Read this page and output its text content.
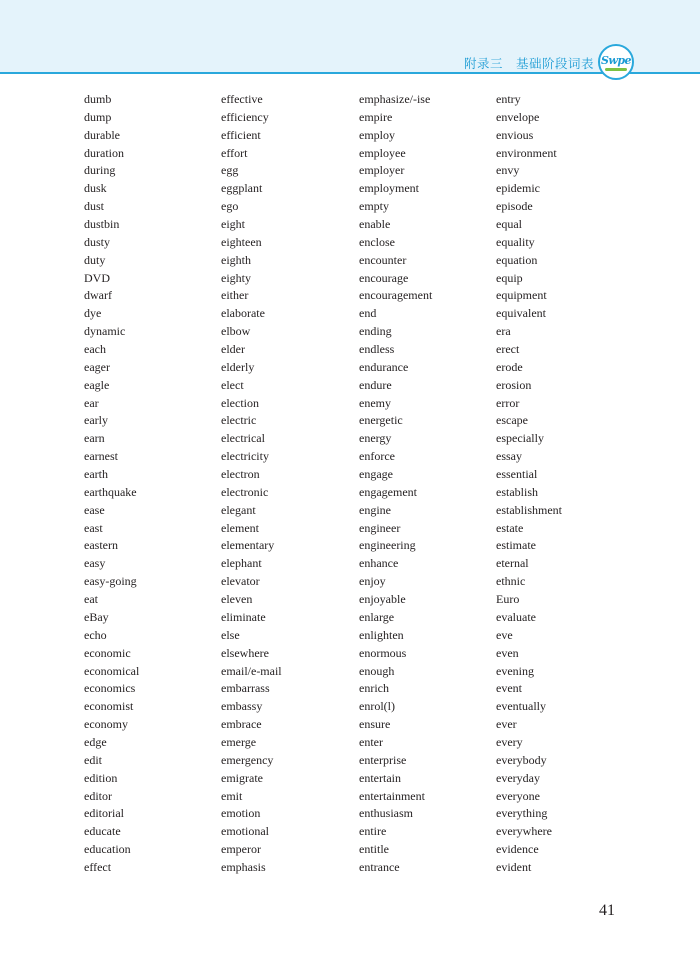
附录三　基础阶段词表 Swpe
dumb
dump
durable
duration
during
dusk
dust
dustbin
dusty
duty
DVD
dwarf
dye
dynamic
each
eager
eagle
ear
early
earn
earnest
earth
earthquake
ease
east
eastern
easy
easy-going
eat
eBay
echo
economic
economical
economics
economist
economy
edge
edit
edition
editor
editorial
educate
education
effect
effective
efficiency
efficient
effort
egg
eggplant
ego
eight
eighteen
eighth
eighty
either
elaborate
elbow
elder
elderly
elect
election
electric
electrical
electricity
electron
electronic
elegant
element
elementary
elephant
elevator
eleven
eliminate
else
elsewhere
email/e-mail
embarrass
embassy
embrace
emerge
emergency
emigrate
emit
emotion
emotional
emperor
emphasis
emphasize/-ise
empire
employ
employee
employer
employment
empty
enable
enclose
encounter
encourage
encouragement
end
ending
endless
endurance
endure
enemy
energetic
energy
enforce
engage
engagement
engine
engineer
engineering
enhance
enjoy
enjoyable
enlarge
enlighten
enormous
enough
enrich
enrol(l)
ensure
enter
enterprise
entertain
entertainment
enthusiasm
entire
entitle
entrance
entry
envelope
envious
environment
envy
epidemic
episode
equal
equality
equation
equip
equipment
equivalent
era
erect
erode
erosion
error
escape
especially
essay
essential
establish
establishment
estate
estimate
eternal
ethnic
Euro
evaluate
eve
even
evening
event
eventually
ever
every
everybody
everyday
everyone
everything
everywhere
evidence
evident
41
